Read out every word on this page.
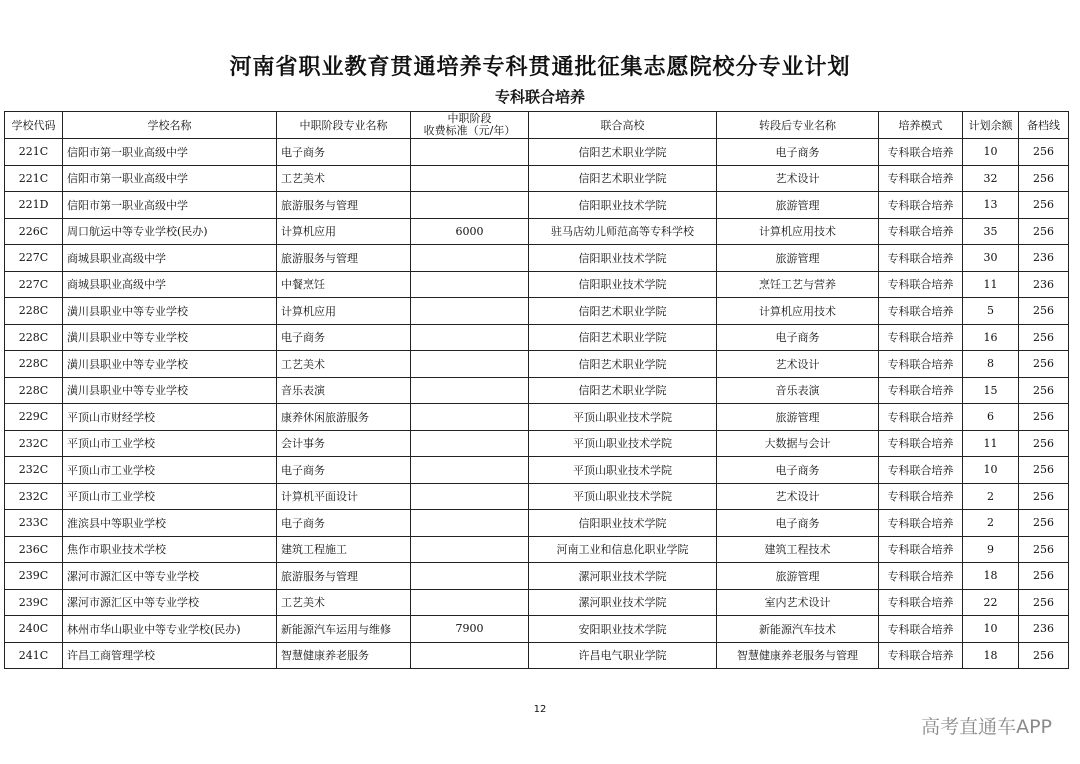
河南省职业教育贯通培养专科贯通批征集志愿院校分专业计划
专科联合培养
学校代码	学校名称	中职阶段专业名称	中职阶段
收费标准（元/年）	联合高校	转段后专业名称	培养模式	计划余额	备档线
221C	信阳市第一职业高级中学	电子商务		信阳艺术职业学院	电子商务	专科联合培养	10	256
221C	信阳市第一职业高级中学	工艺美术		信阳艺术职业学院	艺术设计	专科联合培养	32	256
221D	信阳市第一职业高级中学	旅游服务与管理		信阳职业技术学院	旅游管理	专科联合培养	13	256
226C	周口航运中等专业学校(民办)	计算机应用	6000	驻马店幼儿师范高等专科学校	计算机应用技术	专科联合培养	35	256
227C	商城县职业高级中学	旅游服务与管理		信阳职业技术学院	旅游管理	专科联合培养	30	236
227C	商城县职业高级中学	中餐烹饪		信阳职业技术学院	烹饪工艺与营养	专科联合培养	11	236
228C	潢川县职业中等专业学校	计算机应用		信阳艺术职业学院	计算机应用技术	专科联合培养	5	256
228C	潢川县职业中等专业学校	电子商务		信阳艺术职业学院	电子商务	专科联合培养	16	256
228C	潢川县职业中等专业学校	工艺美术		信阳艺术职业学院	艺术设计	专科联合培养	8	256
228C	潢川县职业中等专业学校	音乐表演		信阳艺术职业学院	音乐表演	专科联合培养	15	256
229C	平顶山市财经学校	康养休闲旅游服务		平顶山职业技术学院	旅游管理	专科联合培养	6	256
232C	平顶山市工业学校	会计事务		平顶山职业技术学院	大数据与会计	专科联合培养	11	256
232C	平顶山市工业学校	电子商务		平顶山职业技术学院	电子商务	专科联合培养	10	256
232C	平顶山市工业学校	计算机平面设计		平顶山职业技术学院	艺术设计	专科联合培养	2	256
233C	淮滨县中等职业学校	电子商务		信阳职业技术学院	电子商务	专科联合培养	2	256
236C	焦作市职业技术学校	建筑工程施工		河南工业和信息化职业学院	建筑工程技术	专科联合培养	9	256
239C	漯河市源汇区中等专业学校	旅游服务与管理		漯河职业技术学院	旅游管理	专科联合培养	18	256
239C	漯河市源汇区中等专业学校	工艺美术		漯河职业技术学院	室内艺术设计	专科联合培养	22	256
240C	林州市华山职业中等专业学校(民办)	新能源汽车运用与维修	7900	安阳职业技术学院	新能源汽车技术	专科联合培养	10	236
241C	许昌工商管理学校	智慧健康养老服务		许昌电气职业学院	智慧健康养老服务与管理	专科联合培养	18	256
12
高考直通车APP
